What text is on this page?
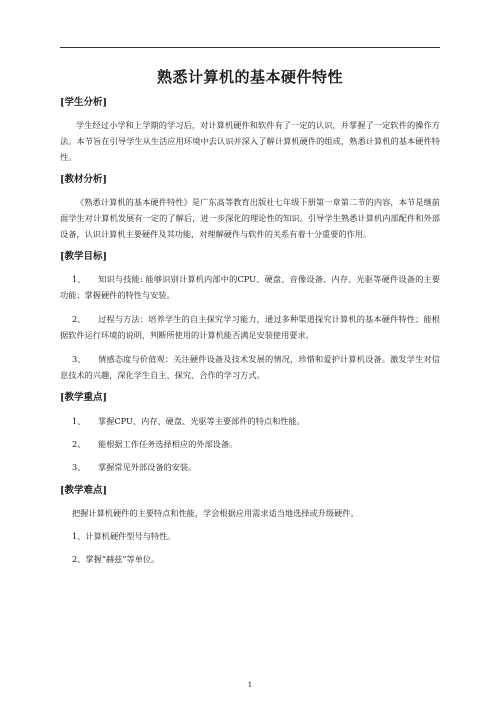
熟悉计算机的基本硬件特性

[学生分析]

学生经过小学和上学期的学习后，对计算机硬件和软件有了一定的认识，并掌握了一定软件的操作方法。本节旨在引导学生从生活应用环境中去认识并深入了解计算机硬件的组成，熟悉计算机的基本硬件特性。

[教材分析]

《熟悉计算机的基本硬件特性》是广东高等教育出版社七年级下册第一章第二节的内容，本节是继前面学生对计算机发展有一定的了解后，进一步深化的理论性的知识。引导学生熟悉计算机内部配件和外部设备，认识计算机主要硬件及其功能，对理解硬件与软件的关系有着十分重要的作用。

[教学目标]

1、 知识与技能: 能够识别计算机内部中的CPU、硬盘、音像设备、内存、光驱等硬件设备的主要功能；掌握硬件的特性与安装。

2、 过程与方法：培养学生的自主探究学习能力，通过多种渠道探究计算机的基本硬件特性；能根据软件运行环境的说明，判断所使用的计算机能否满足安装使用要求。

3、 情感态度与价值观：关注硬件设备及技术发展的情况，珍惜和爱护计算机设备。激发学生对信息技术的兴趣，深化学生自主、探究、合作的学习方式。

[教学重点]

1、 掌握CPU、内存、硬盘、光驱等主要部件的特点和性能。

2、 能根据工作任务选择相应的外部设备。

3、 掌握常见外部设备的安装。

[教学难点]

把握计算机硬件的主要特点和性能，学会根据应用需求适当地选择或升级硬件。

1、计算机硬件型号与特性。

2、掌握“赫兹”等单位。

1
